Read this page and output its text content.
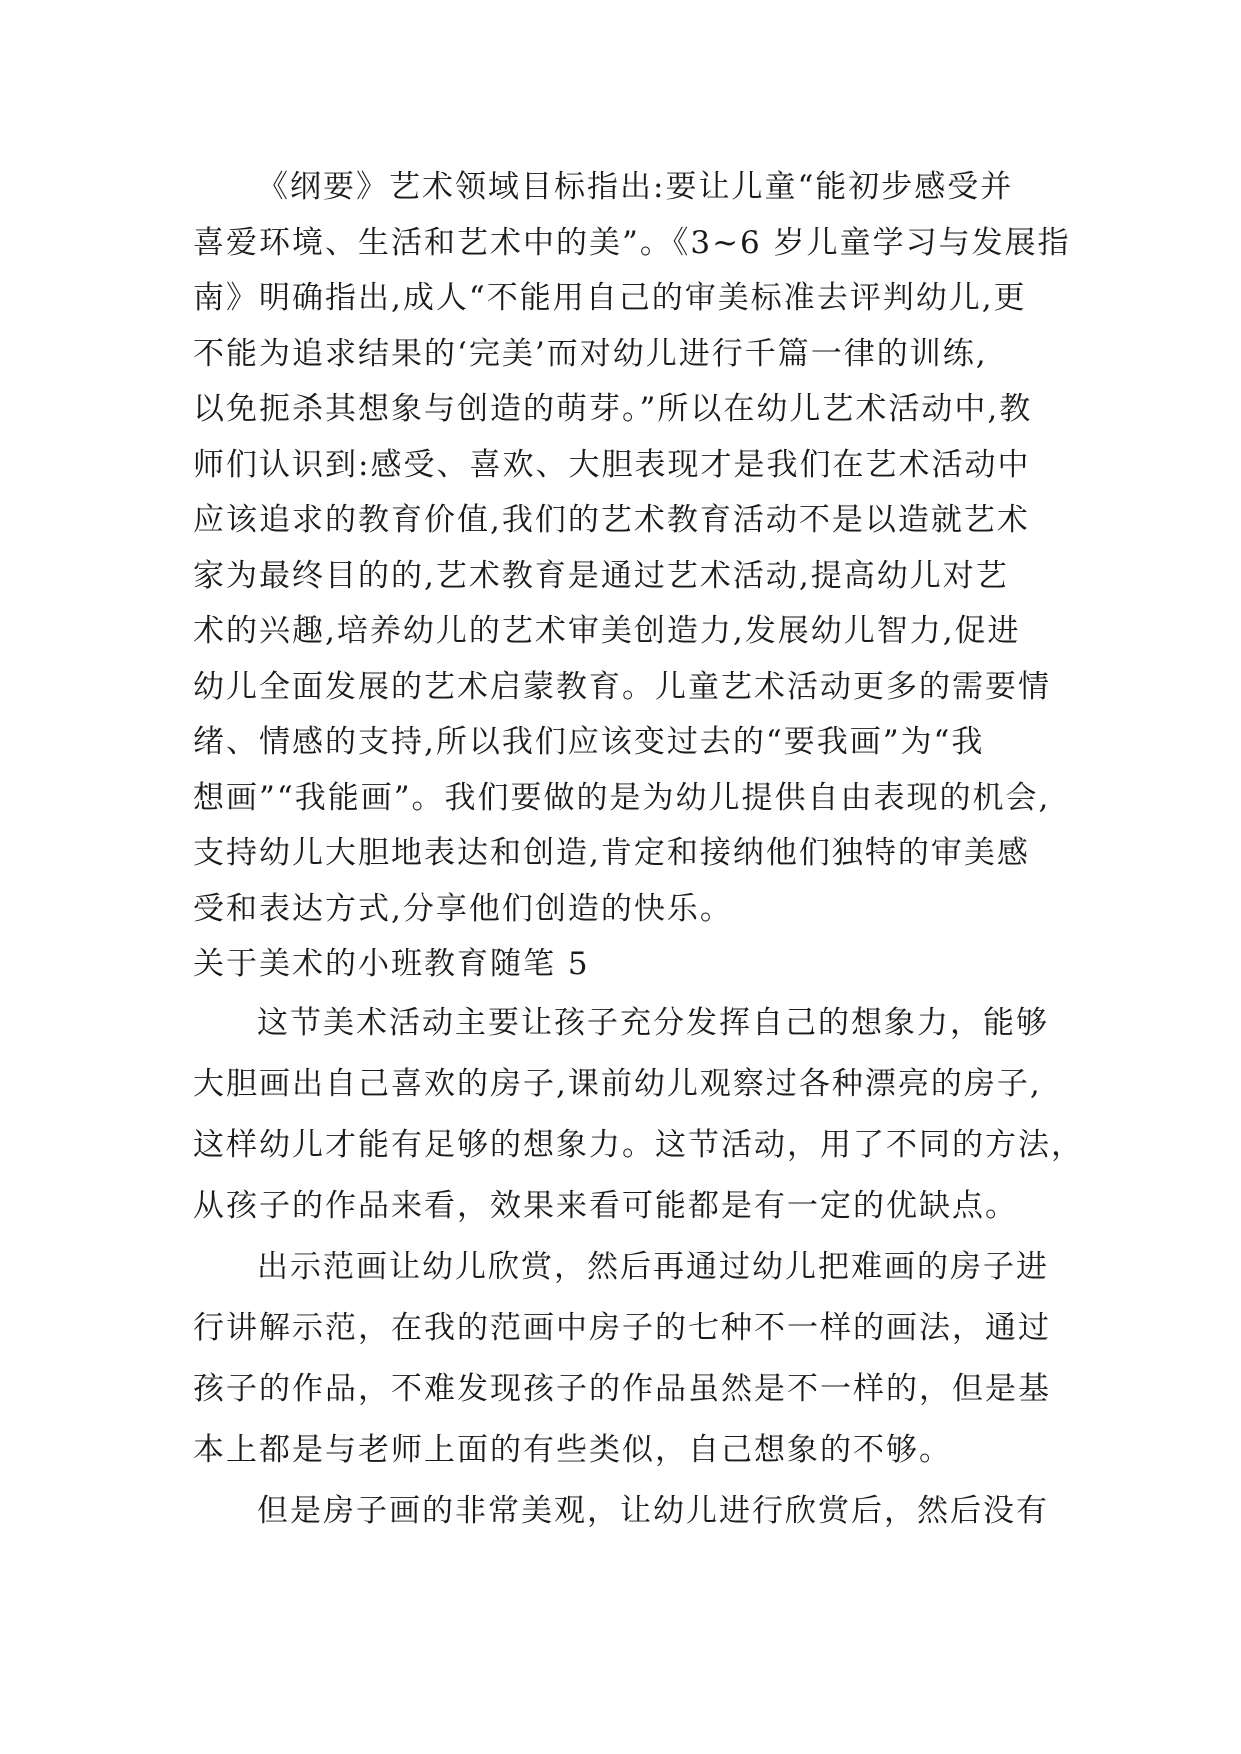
《纲要》艺术领域目标指出:要让儿童“能初步感受并
喜爱环境、生活和艺术中的美”。《3~6 岁儿童学习与发展指
南》明确指出,成人“不能用自己的审美标准去评判幼儿,更
不能为追求结果的‘完美’而对幼儿进行千篇一律的训练,
以免扼杀其想象与创造的萌芽。”所以在幼儿艺术活动中,教
师们认识到:感受、喜欢、大胆表现才是我们在艺术活动中
应该追求的教育价值,我们的艺术教育活动不是以造就艺术
家为最终目的的,艺术教育是通过艺术活动,提高幼儿对艺
术的兴趣,培养幼儿的艺术审美创造力,发展幼儿智力,促进
幼儿全面发展的艺术启蒙教育。儿童艺术活动更多的需要情
绪、情感的支持,所以我们应该变过去的“要我画”为“我
想画”“我能画”。我们要做的是为幼儿提供自由表现的机会,
支持幼儿大胆地表达和创造,肯定和接纳他们独特的审美感
受和表达方式,分享他们创造的快乐。
关于美术的小班教育随笔 5
这节美术活动主要让孩子充分发挥自己的想象力，能够
大胆画出自己喜欢的房子,课前幼儿观察过各种漂亮的房子,
这样幼儿才能有足够的想象力。这节活动，用了不同的方法，
从孩子的作品来看，效果来看可能都是有一定的优缺点。
出示范画让幼儿欣赏，然后再通过幼儿把难画的房子进
行讲解示范，在我的范画中房子的七种不一样的画法，通过
孩子的作品，不难发现孩子的作品虽然是不一样的，但是基
本上都是与老师上面的有些类似，自己想象的不够。
但是房子画的非常美观，让幼儿进行欣赏后，然后没有
